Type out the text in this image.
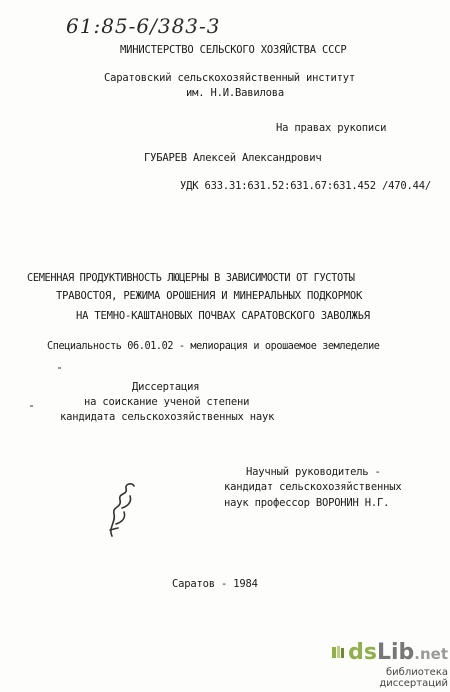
61:85-6/383-3
МИНИСТЕРСТВО СЕЛЬСКОГО ХОЗЯЙСТВА СССР
Саратовский сельскохозяйственный институт
им. Н.И.Вавилова
На правах рукописи
ГУБАРЕВ Алексей Александрович
УДК 633.31:631.52:631.67:631.452 /470.44/
СЕМЕННАЯ ПРОДУКТИВНОСТЬ ЛЮЦЕРНЫ В ЗАВИСИМОСТИ ОТ ГУСТОТЫ
ТРАВОСТОЯ, РЕЖИМА ОРОШЕНИЯ И МИНЕРАЛЬНЫХ ПОДКОРМОК
НА ТЕМНО-КАШТАНОВЫХ ПОЧВАХ САРАТОВСКОГО ЗАВОЛЖЬЯ
Специальность 06.01.02 - мелиорация и орошаемое земледелие
Диссертация
на соискание ученой степени
кандидата сельскохозяйственных наук
Научный руководитель -
кандидат сельскохозяйственных
наук профессор ВОРОНИН Н.Г.
Саратов - 1984
ds Lib .net
библиотека диссертаций
